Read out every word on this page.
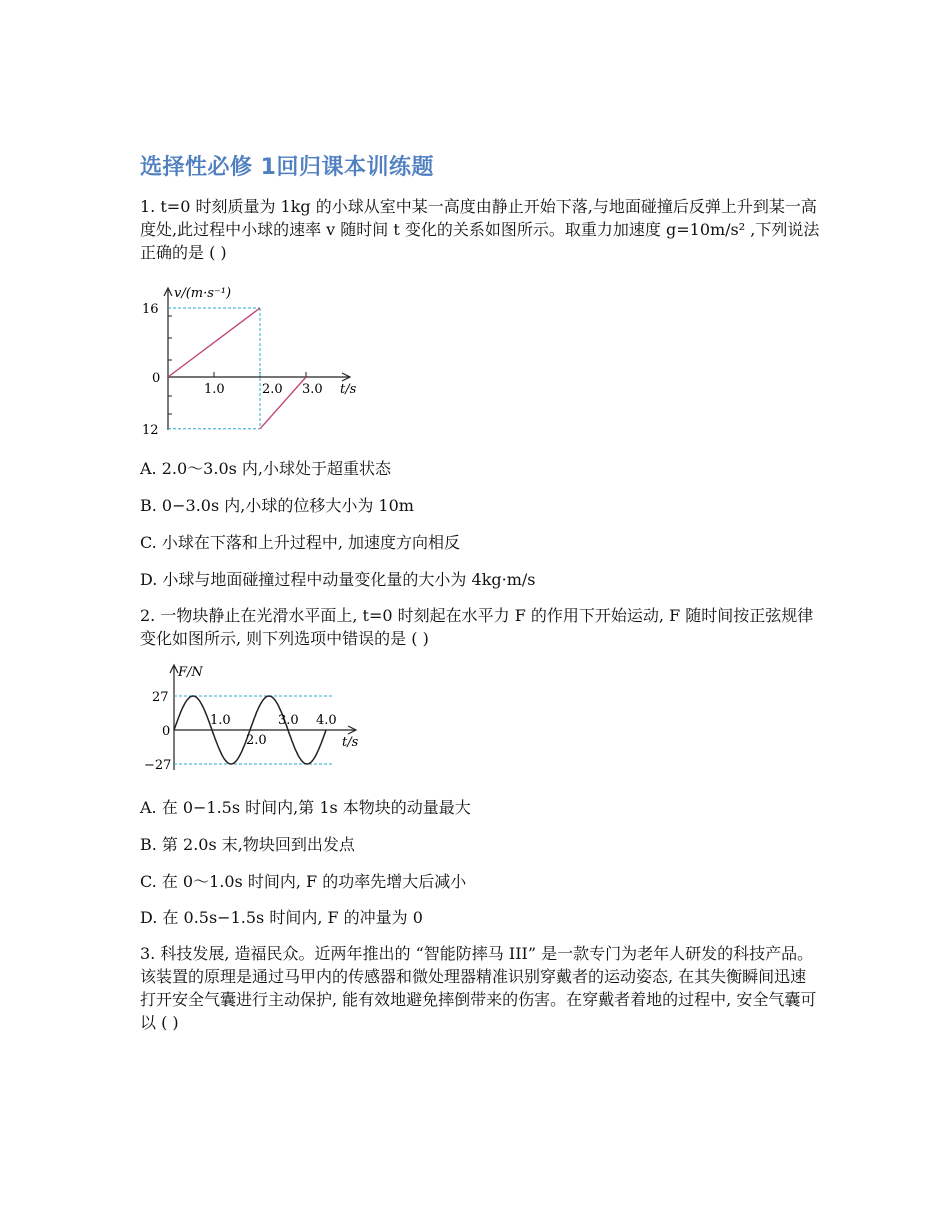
选择性必修 1回归课本训练题
1. t=0 时刻质量为 1kg 的小球从室中某一高度由静止开始下落,与地面碰撞后反弹上升到某一高度处,此过程中小球的速率 v 随时间 t 变化的关系如图所示。取重力加速度 g=10m/s² ,下列说法正确的是 ( )
v/(m·s⁻¹)
16
0
12
1.0	2.0 3.0 t/s
A. 2.0～3.0s 内,小球处于超重状态
B. 0−3.0s 内,小球的位移大小为 10m
C. 小球在下落和上升过程中, 加速度方向相反
D. 小球与地面碰撞过程中动量变化量的大小为 4kg·m/s
2. 一物块静止在光滑水平面上, t=0 时刻起在水平力 F 的作用下开始运动, F 随时间按正弦规律变化如图所示, 则下列选项中错误的是 ( )
F/N
27
0
−27
1.0
2.0
3.0 4.0
t/s
A. 在 0−1.5s 时间内,第 1s 本物块的动量最大
B. 第 2.0s 末,物块回到出发点
C. 在 0～1.0s 时间内, F 的功率先增大后减小
D. 在 0.5s−1.5s 时间内, F 的冲量为 0
3. 科技发展, 造福民众。近两年推出的 “智能防摔马 III” 是一款专门为老年人研发的科技产品。该装置的原理是通过马甲内的传感器和微处理器精准识别穿戴者的运动姿态, 在其失衡瞬间迅速打开安全气囊进行主动保护, 能有效地避免摔倒带来的伤害。在穿戴者着地的过程中, 安全气囊可以 ( )
